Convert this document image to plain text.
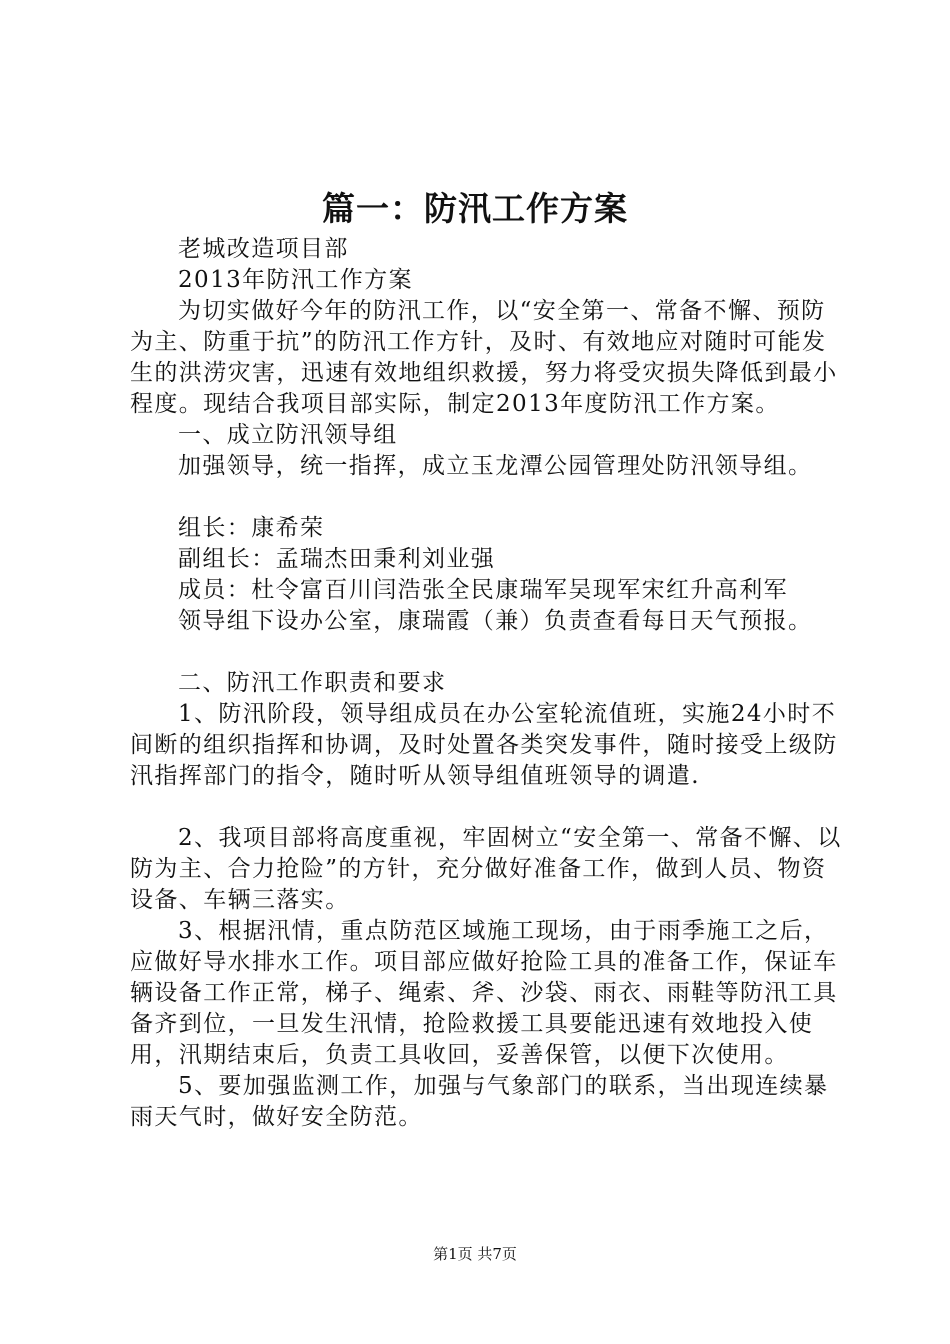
篇一：防汛工作方案

老城改造项目部

2013年防汛工作方案

为切实做好今年的防汛工作，以“安全第一、常备不懈、预防为主、防重于抗”的防汛工作方针，及时、有效地应对随时可能发生的洪涝灾害，迅速有效地组织救援，努力将受灾损失降低到最小程度。现结合我项目部实际，制定2013年度防汛工作方案。

一、成立防汛领导组

加强领导，统一指挥，成立玉龙潭公园管理处防汛领导组。

组长：康希荣

副组长：孟瑞杰田秉利刘业强

成员：杜令富百川闫浩张全民康瑞军吴现军宋红升高利军

领导组下设办公室，康瑞霞（兼）负责查看每日天气预报。

二、防汛工作职责和要求

1、防汛阶段，领导组成员在办公室轮流值班，实施24小时不间断的组织指挥和协调，及时处置各类突发事件，随时接受上级防汛指挥部门的指令，随时听从领导组值班领导的调遣.

2、我项目部将高度重视，牢固树立“安全第一、常备不懈、以防为主、合力抢险”的方针，充分做好准备工作，做到人员、物资设备、车辆三落实。

3、根据汛情，重点防范区域施工现场，由于雨季施工之后，应做好导水排水工作。项目部应做好抢险工具的准备工作，保证车辆设备工作正常，梯子、绳索、斧、沙袋、雨衣、雨鞋等防汛工具备齐到位，一旦发生汛情，抢险救援工具要能迅速有效地投入使用，汛期结束后，负责工具收回，妥善保管，以便下次使用。

5、要加强监测工作，加强与气象部门的联系，当出现连续暴雨天气时，做好安全防范。

第1页 共7页
